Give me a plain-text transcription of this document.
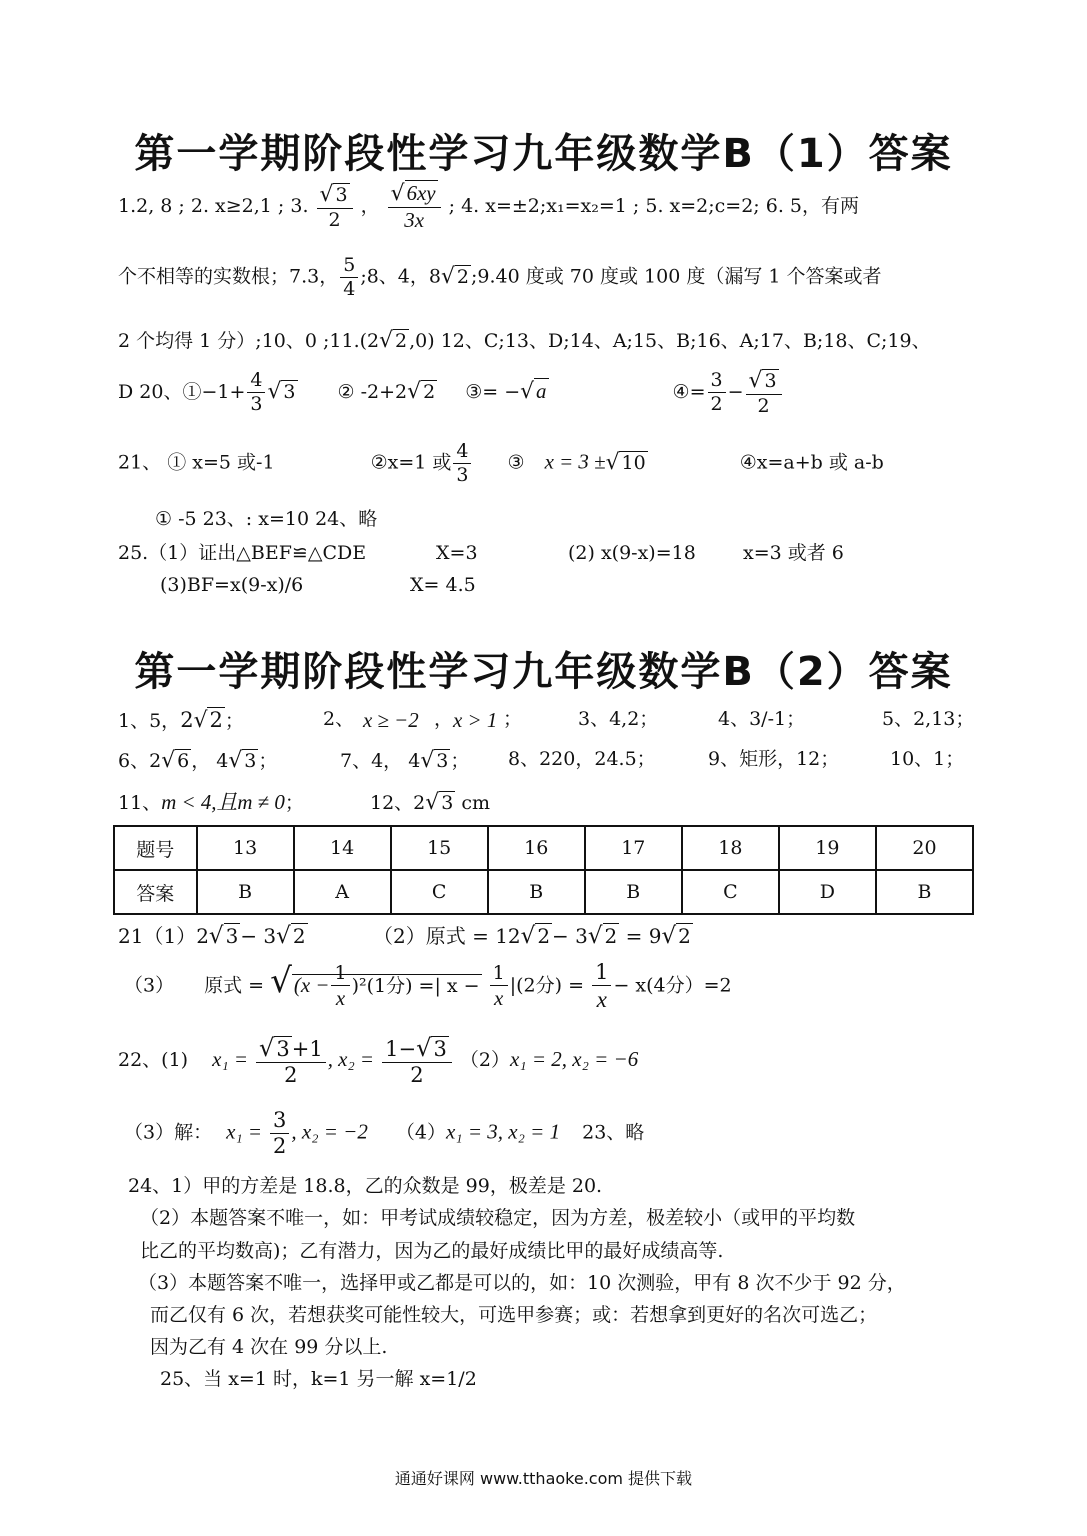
第一学期阶段性学习九年级数学B（1）答案
1.2, 8 ; 2. x≥2,1 ; 3. $\frac{√ 3}{2}$ ， $\frac{√6xy}{3x}$ ; 4. x=±2;x₁=x₂=1 ; 5. x=2;c=2; 6. 5，有两
个不相等的实数根；7.3， $\frac{5}{4}$ ;8、4，8√ 2 ;9.40 度或 70 度或 100 度（漏写 1 个答案或者
2 个均得 1 分）;10、0 ;11.(2√ 2 ,0) 12、C;13、D;14、A;15、B;16、A;17、B;18、C;19、
D 20、①−1+ $\frac{4}{3}$ √ 3 ② -2+2√ 2 ③= −√a	④= $\frac{3}{2} - \frac{√ 3}{2}$
21、 ① x=5 或-1	②x=1 或 $\frac{4}{3}$ ③ x = 3 ±√ 10	④x=a+b 或 a-b
① -5 23、: x=10 24、略
25.（1）证出△BEF≌△CDE	X=3	(2) x(9-x)=18 x=3 或者 6
(3)BF=x(9-x)/6	X= 4.5
第一学期阶段性学习九年级数学B（2）答案
1、5，2√2 ；	2、 x ≥ −2 ， x > 1 ；	3、4,2；	4、3/-1；	5、2,13；
6、2√ 6 ， 4√ 3 ；	7、4， 4√ 3 ； 8、220，24.5；	9、矩形，12；	10、1；
11、m < 4,且m ≠ 0；	12、2√ 3 cm
题号	13	14	15	16	17	18	19	20
答案	B	A	C	B	B	C	D	B
21（1）2√ 3 − 3√ 2	（2）原式 = 12√ 2 − 3√ 2 = 9√ 2
（3） 原式 = $√(x - \frac{1}{x} )^2(1$分) =| $x - \frac{1}{x} |(2$分) = $\frac{1}{x} - x(4$分）=2
22、(1) $x_1 = \frac{√3+1}{2}$ , $x_2 = \frac{1-√3}{2} (2)x_1 = 2$, x₂ = −6
（3）解： $x_1 = \frac{3}{2}$ , x₂ = −2 （4）x₁ = 3, x₂ = 1 23、略
24、1）甲的方差是 18.8，乙的众数是 99，极差是 20.
（2）本题答案不唯一，如：甲考试成绩较稳定，因为方差，极差较小（或甲的平均数
比乙的平均数高)；乙有潜力，因为乙的最好成绩比甲的最好成绩高等.
（3）本题答案不唯一，选择甲或乙都是可以的，如：10 次测验，甲有 8 次不少于 92 分，
而乙仅有 6 次，若想获奖可能性较大，可选甲参赛；或：若想拿到更好的名次可选乙；
因为乙有 4 次在 99 分以上.
25、当 x=1 时，k=1 另一解 x=1/2
通通好课网 www.tthaoke.com 提供下载
